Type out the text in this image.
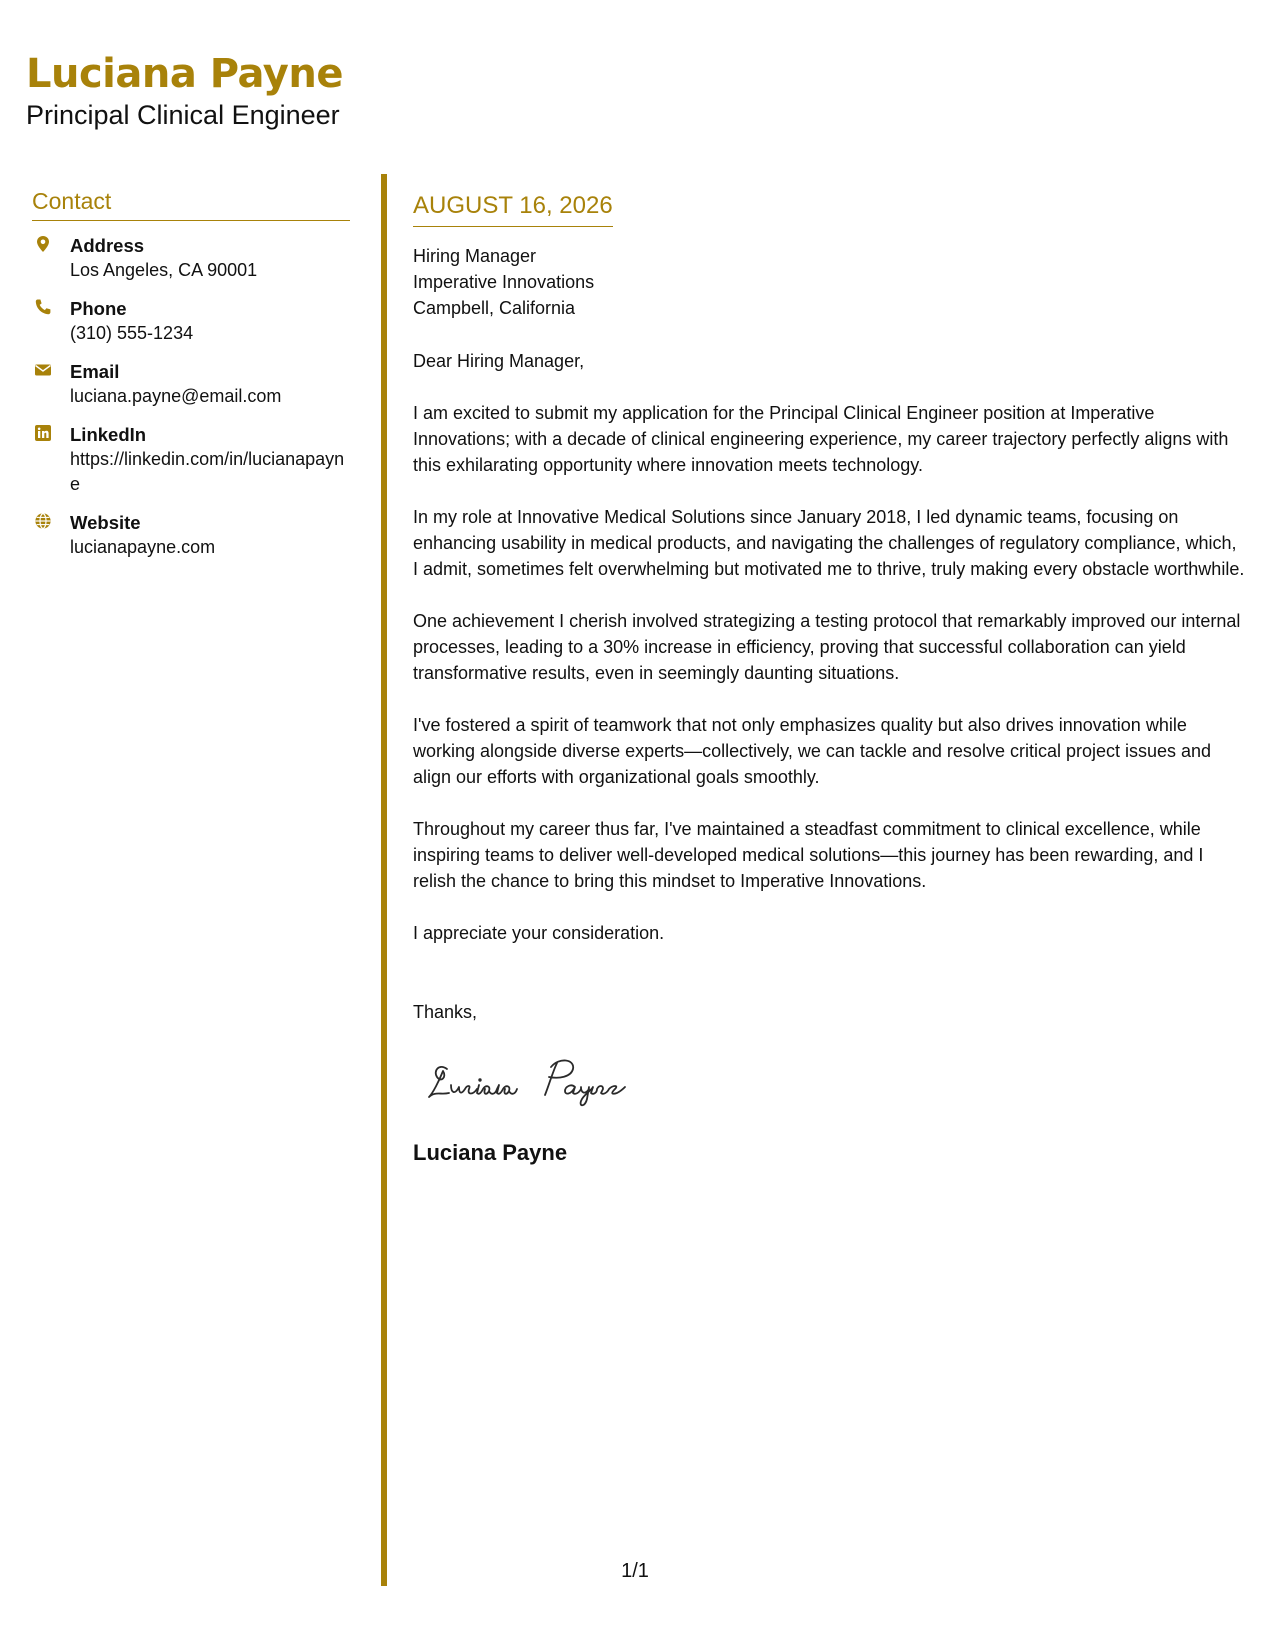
Luciana Payne
Principal Clinical Engineer
Contact
Address
Los Angeles, CA 90001
Phone
(310) 555-1234
Email
luciana.payne@email.com
LinkedIn
https://linkedin.com/in/lucianapayne
Website
lucianapayne.com
AUGUST 16, 2026
Hiring Manager
Imperative Innovations
Campbell, California
Dear Hiring Manager,
I am excited to submit my application for the Principal Clinical Engineer position at Imperative Innovations; with a decade of clinical engineering experience, my career trajectory perfectly aligns with this exhilarating opportunity where innovation meets technology.
In my role at Innovative Medical Solutions since January 2018, I led dynamic teams, focusing on enhancing usability in medical products, and navigating the challenges of regulatory compliance, which, I admit, sometimes felt overwhelming but motivated me to thrive, truly making every obstacle worthwhile.
One achievement I cherish involved strategizing a testing protocol that remarkably improved our internal processes, leading to a 30% increase in efficiency, proving that successful collaboration can yield transformative results, even in seemingly daunting situations.
I've fostered a spirit of teamwork that not only emphasizes quality but also drives innovation while working alongside diverse experts—collectively, we can tackle and resolve critical project issues and align our efforts with organizational goals smoothly.
Throughout my career thus far, I've maintained a steadfast commitment to clinical excellence, while inspiring teams to deliver well-developed medical solutions—this journey has been rewarding, and I relish the chance to bring this mindset to Imperative Innovations.
I appreciate your consideration.
Thanks,
Luciana Payne
1/1
